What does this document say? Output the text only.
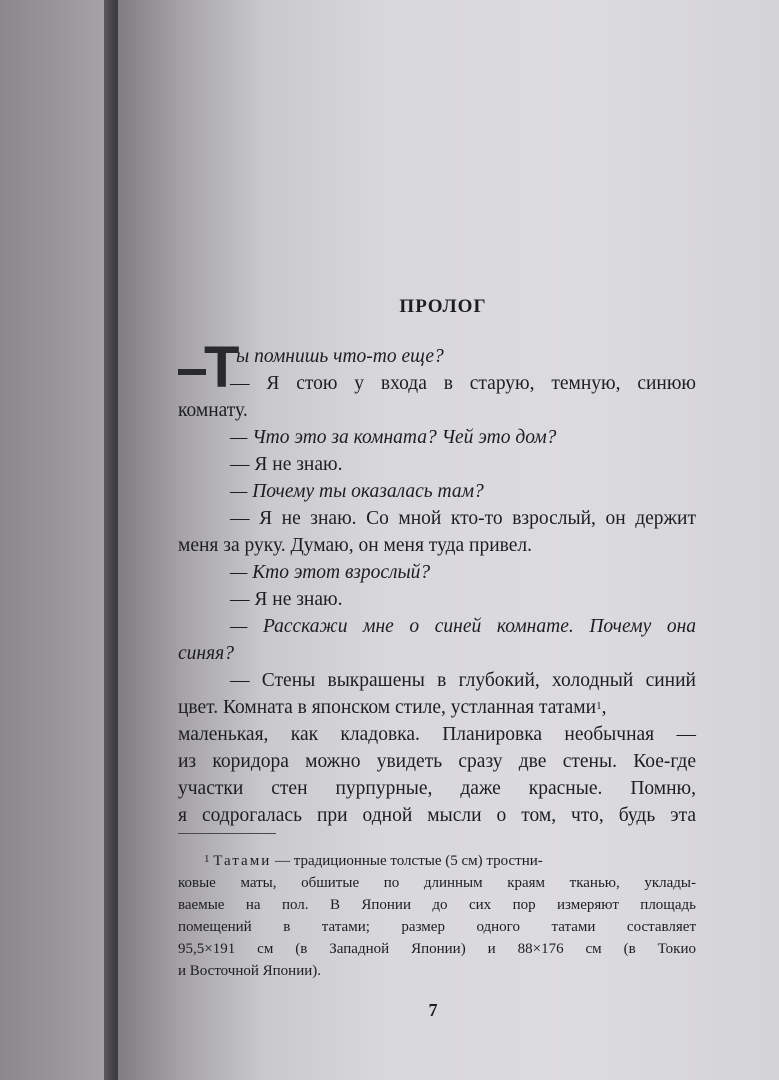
ПРОЛОГ
Т
ы помнишь что-то еще?
— Я стою у входа в старую, темную, синюю
комнату.
— Что это за комната? Чей это дом?
— Я не знаю.
— Почему ты оказалась там?
— Я не знаю. Со мной кто-то взрослый, он держит
меня за руку. Думаю, он меня туда привел.
— Кто этот взрослый?
— Я не знаю.
— Расскажи мне о синей комнате. Почему она
синяя?
— Стены выкрашены в глубокий, холодный синий
цвет. Комната в японском стиле, устланная татами$^1$,
маленькая, как кладовка. Планировка необычная —
из коридора можно увидеть сразу две стены. Кое-где
участки стен пурпурные, даже красные. Помню,
я содрогалась при одной мысли о том, что, будь эта
$^1$ Татами — традиционные толстые (5 см) тростни-
ковые маты, обшитые по длинным краям тканью, уклады-
ваемые на пол. В Японии до сих пор измеряют площадь
помещений в татами; размер одного татами составляет
95,5×191 см (в Западной Японии) и 88×176 см (в Токио
и Восточной Японии).
7
